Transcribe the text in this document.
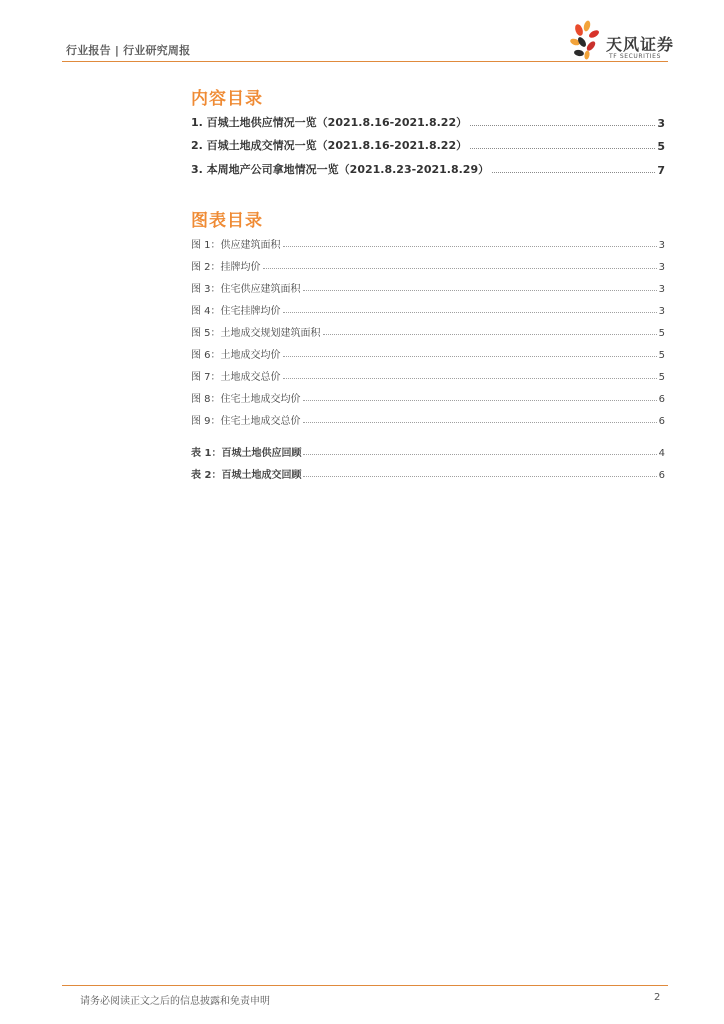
行业报告 | 行业研究周报	天风证券
TF SECURITIES
内容目录
1. 百城土地供应情况一览（2021.8.16-2021.8.22）	3
2. 百城土地成交情况一览（2021.8.16-2021.8.22）	5
3. 本周地产公司拿地情况一览（2021.8.23-2021.8.29）	7
图表目录
图 1：供应建筑面积	3
图 2：挂牌均价	3
图 3：住宅供应建筑面积	3
图 4：住宅挂牌均价	3
图 5：土地成交规划建筑面积	5
图 6：土地成交均价	5
图 7：土地成交总价	5
图 8：住宅土地成交均价	6
图 9：住宅土地成交总价	6
表 1：百城土地供应回顾	4
表 2：百城土地成交回顾	6
请务必阅读正文之后的信息披露和免责申明	2
